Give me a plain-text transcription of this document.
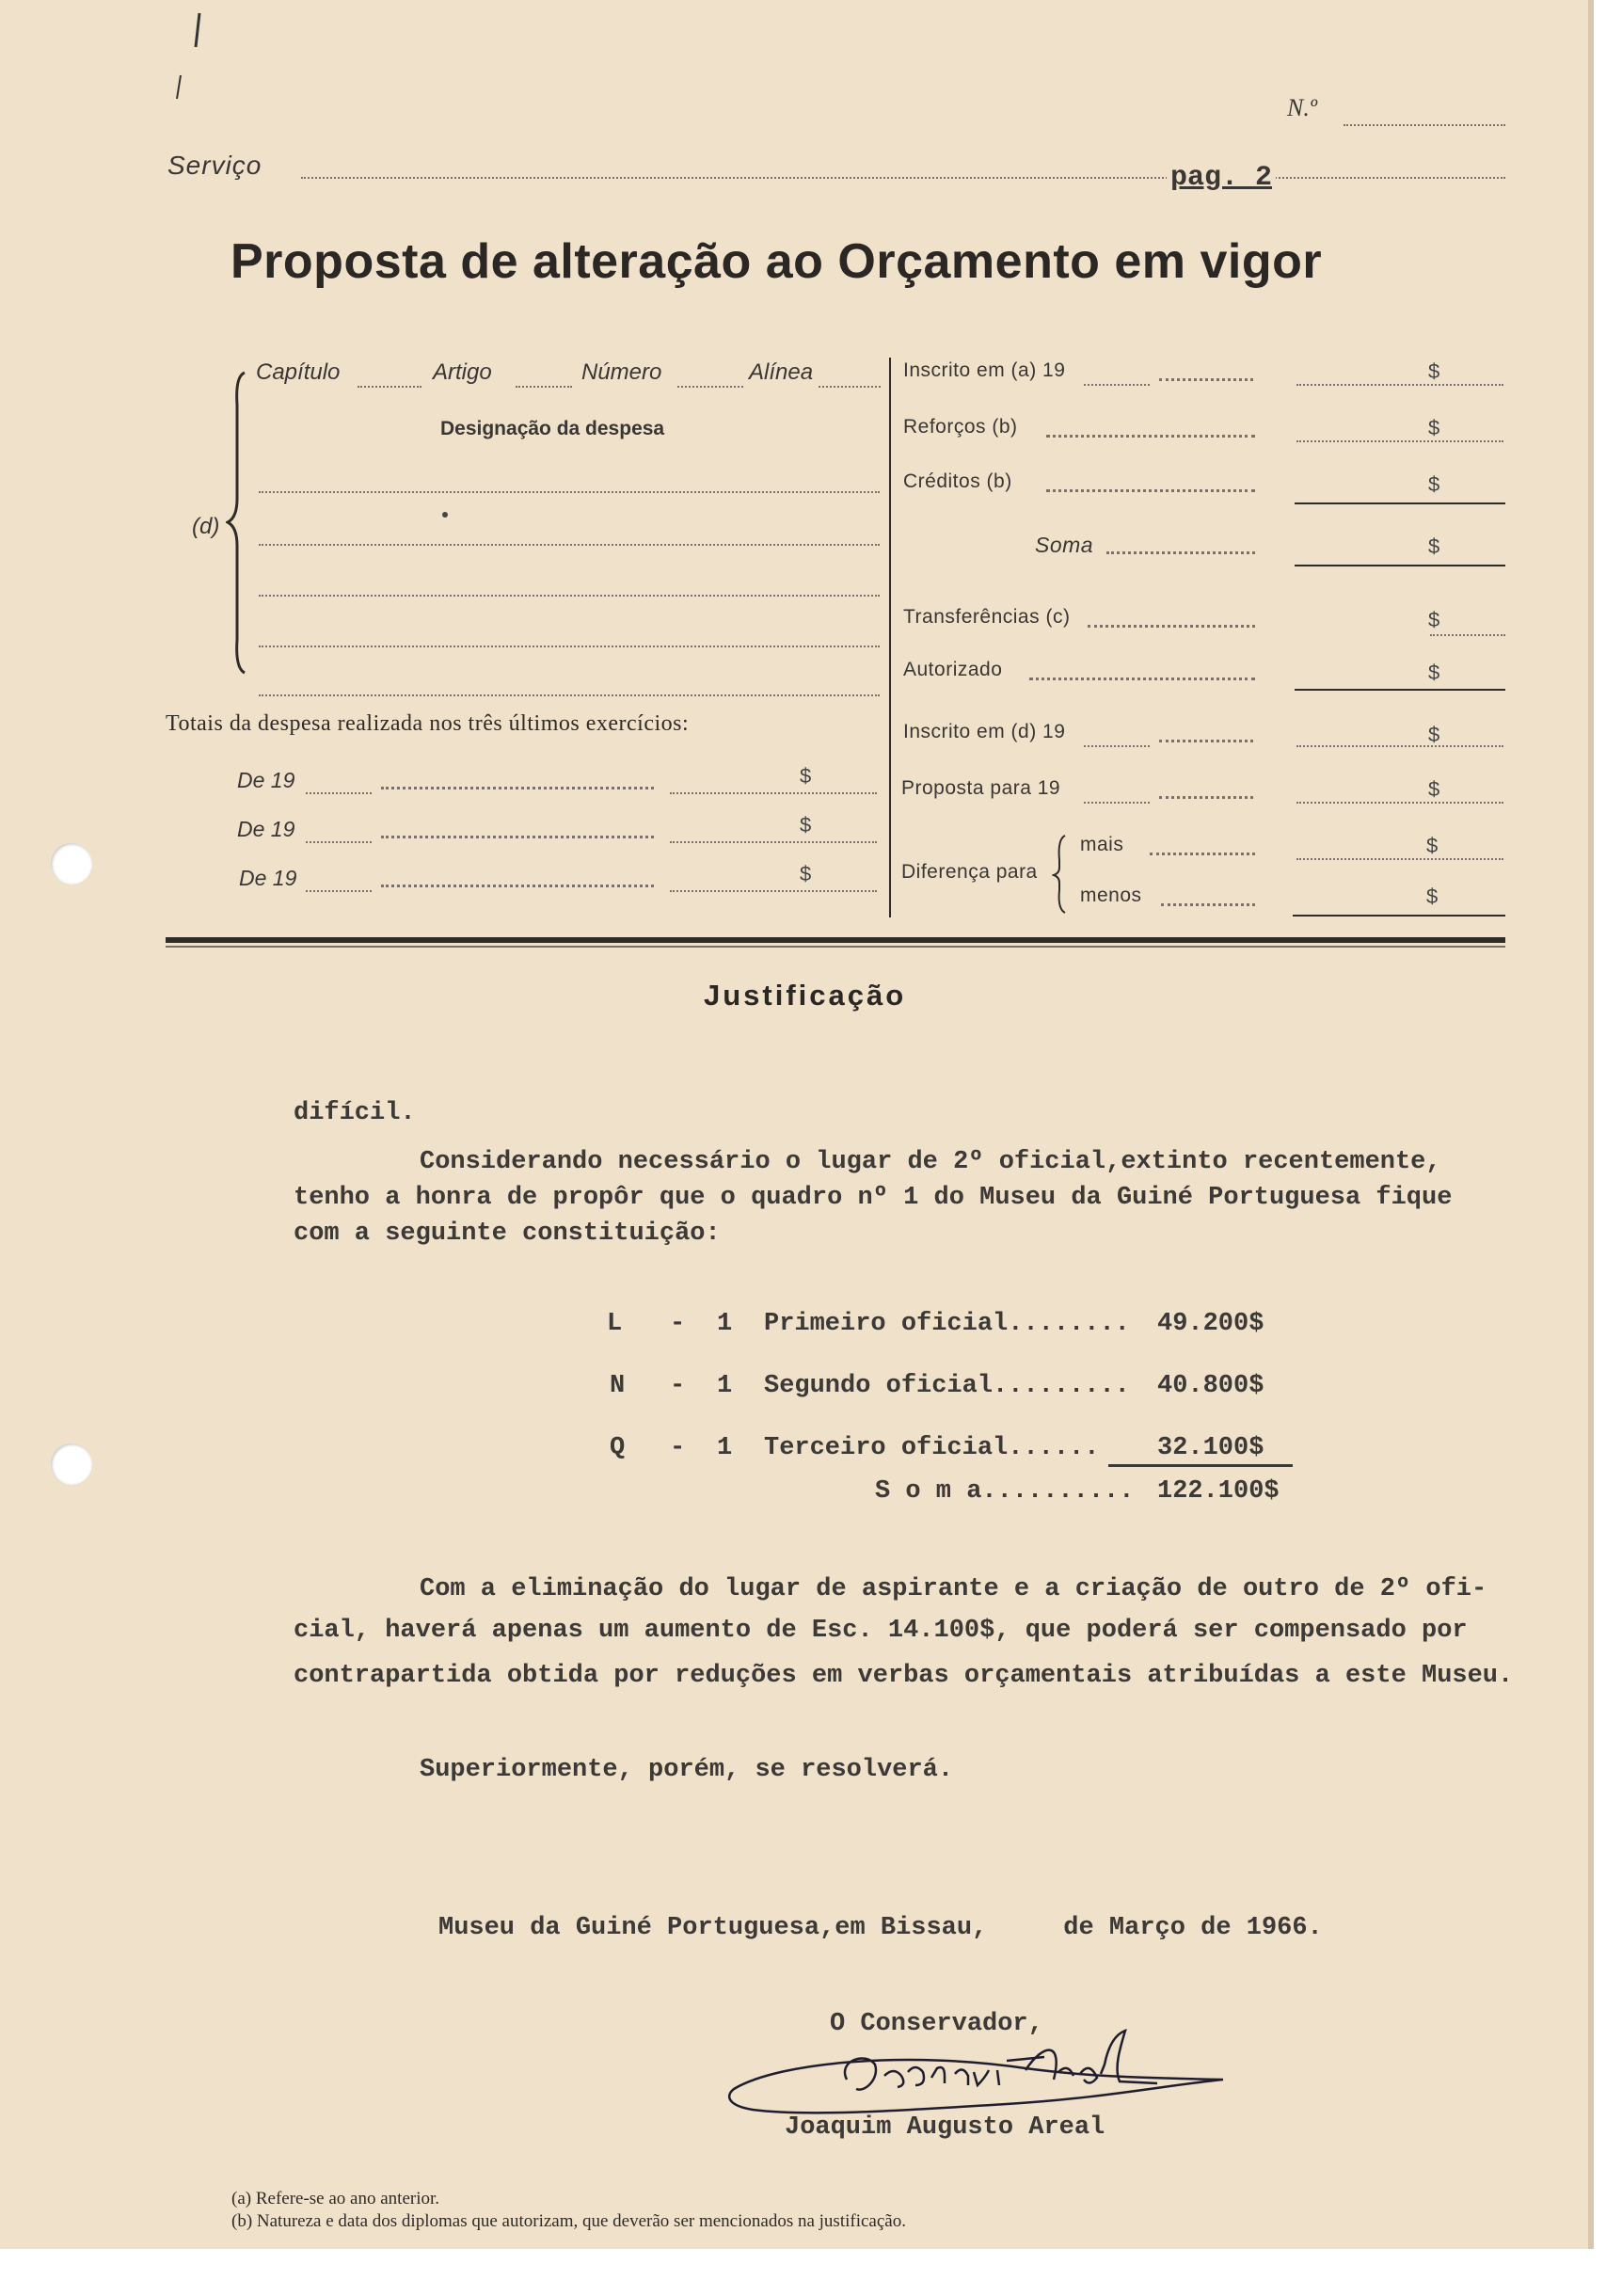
N.º
Serviço	pag. 2
Proposta de alteração ao Orçamento em vigor
Capítulo	Artigo	Número	Alínea
Designação da despesa
(d)
Totais da despesa realizada nos três últimos exercícios:
De 19	$
De 19	$
De 19	$
Inscrito em (a) 19	$
Reforços (b)	$
Créditos (b)	$
Soma	$
Transferências (c)	$
Autorizado	$
Inscrito em (d) 19	$
Proposta para 19	$
Diferença para
mais	$
menos	$
Justificação
difícil.
Considerando necessário o lugar de 2º oficial,extinto recentemente,
tenho a honra de propôr que o quadro nº 1 do Museu da Guiné Portuguesa fique
com a seguinte constituição:
L - 1 Primeiro oficial........ 49.200$
N - 1 Segundo oficial......... 40.800$
Q - 1 Terceiro oficial...... 32.100$
S o m a.......... 122.100$
Com a eliminação do lugar de aspirante e a criação de outro de 2º ofi-
cial, haverá apenas um aumento de Esc. 14.100$, que poderá ser compensado por
contrapartida obtida por reduções em verbas orçamentais atribuídas a este Museu.
Superiormente, porém, se resolverá.
Museu da Guiné Portuguesa,em Bissau,     de Março de 1966.
O Conservador,
Joaquim Augusto Areal
(a) Refere-se ao ano anterior.
(b) Natureza e data dos diplomas que autorizam, que deverão ser mencionados na justificação.
